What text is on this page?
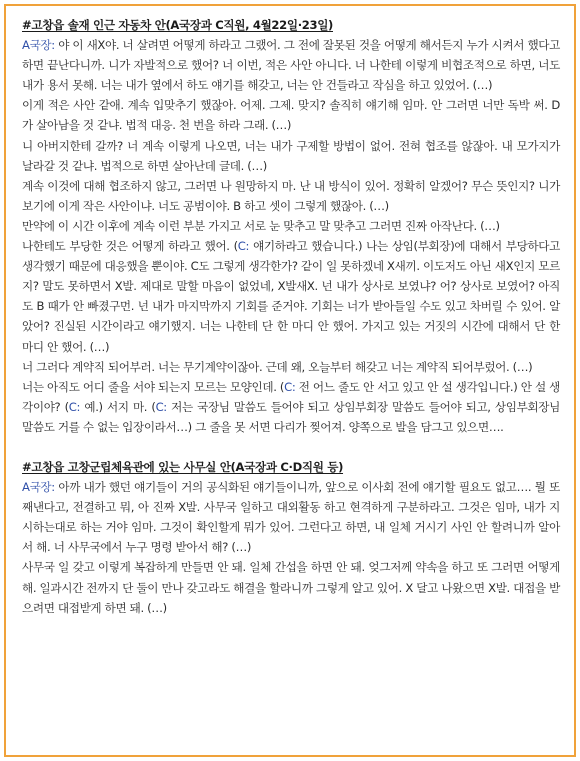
#고창읍 솔재 인근 자동차 안(A국장과 C직원, 4월22일·23일)

A국장: 야 이 새X야. 너 살려면 어떻게 하라고 그랬어. 그 전에 잘못된 것을 어떻게 해서든지 누가 시켜서 했다고 하면 끝난다니까. 니가 자발적으로 했어? 너 이번, 적은 사안 아니다. 너 나한테 이렇게 비협조적으로 하면, 너도 내가 용서 못해. 너는 내가 옆에서 하도 얘기를 해갖고, 너는 안 건들라고 작심을 하고 있었어. (…)

이게 적은 사안 같애. 계속 입맞추기 했잖아. 어제. 그제. 맞지? 솔직히 얘기해 임마. 안 그러면 너만 독박 써. D가 살아남을 것 같냐. 법적 대응. 천 번을 하라 그래. (…)

니 아버지한테 갈까? 너 계속 이렇게 나오면, 너는 내가 구제할 방법이 없어. 전혀 협조를 않잖아. 내 모가지가 날라갈 것 같냐. 법적으로 하면 살아난데 글데. (…)

계속 이것에 대해 협조하지 않고, 그러면 나 원망하지 마. 난 내 방식이 있어. 정확히 알겠어? 무슨 뜻인지? 니가 보기에 이게 작은 사안이냐. 너도 공범이야. B 하고 셋이 그렇게 했잖아. (…)

만약에 이 시간 이후에 계속 이런 부분 가지고 서로 눈 맞추고 말 맞추고 그러면 진짜 아작난다. (…)

나한테도 부당한 것은 어떻게 하라고 했어. (C: 얘기하라고 했습니다.) 나는 상임(부회장)에 대해서 부당하다고 생각했기 때문에 대응했을 뿐이야. C도 그렇게 생각한가? 같이 일 못하겠네 X새끼. 이도저도 아닌 새X인지 모르지? 말도 못하면서 X발. 제대로 말할 마음이 없었네, X발새X. 넌 내가 상사로 보였냐? 어? 상사로 보였어? 아직도 B 때가 안 빠졌구먼. 넌 내가 마지막까지 기회를 준거야. 기회는 너가 받아들일 수도 있고 차버릴 수 있어. 알았어? 진실된 시간이라고 얘기했지. 너는 나한테 단 한 마디 안 했어. 가지고 있는 거짓의 시간에 대해서 단 한 마디 안 했어. (…)

너 그러다 계약직 되어부러. 너는 무기계약이잖아. 근데 왜, 오늘부터 해갖고 너는 계약직 되어부렀어. (…)

너는 아직도 어디 줄을 서야 되는지 모르는 모양인데. (C: 전 어느 줄도 안 서고 있고 안 설 생각입니다.) 안 설 생각이야? (C: 예.) 서지 마. (C: 저는 국장님 말씀도 들어야 되고 상임부회장 말씀도 들어야 되고, 상임부회장님 말씀도 거를 수 없는 입장이라서…) 그 줄을 못 서면 다리가 찢어져. 양쪽으로 발을 담그고 있으면….

#고창읍 고창군립체육관에 있는 사무실 안(A국장과 C·D직원 등)

A국장: 아까 내가 했던 얘기들이 거의 공식화된 얘기들이니까, 앞으로 이사회 전에 얘기할 필요도 없고…. 뭘 또 째낸다고, 전결하고 뭐, 아 진짜 X발. 사무국 일하고 대외활동 하고 현격하게 구분하라고. 그것은 임마, 내가 지시하는대로 하는 거야 임마. 그것이 확인할게 뭐가 있어. 그런다고 하면, 내 일체 거시기 사인 안 할려니까 알아서 해. 너 사무국에서 누구 명령 받아서 해? (…)

사무국 일 갖고 이렇게 복잡하게 만들면 안 돼. 일체 간섭을 하면 안 돼. 엊그저께 약속을 하고 또 그러면 어떻게 해. 일과시간 전까지 단 둘이 만나 갖고라도 해결을 할라니까 그렇게 알고 있어. X 달고 나왔으면 X발. 대접을 받으려면 대접받게 하면 돼. (…)
